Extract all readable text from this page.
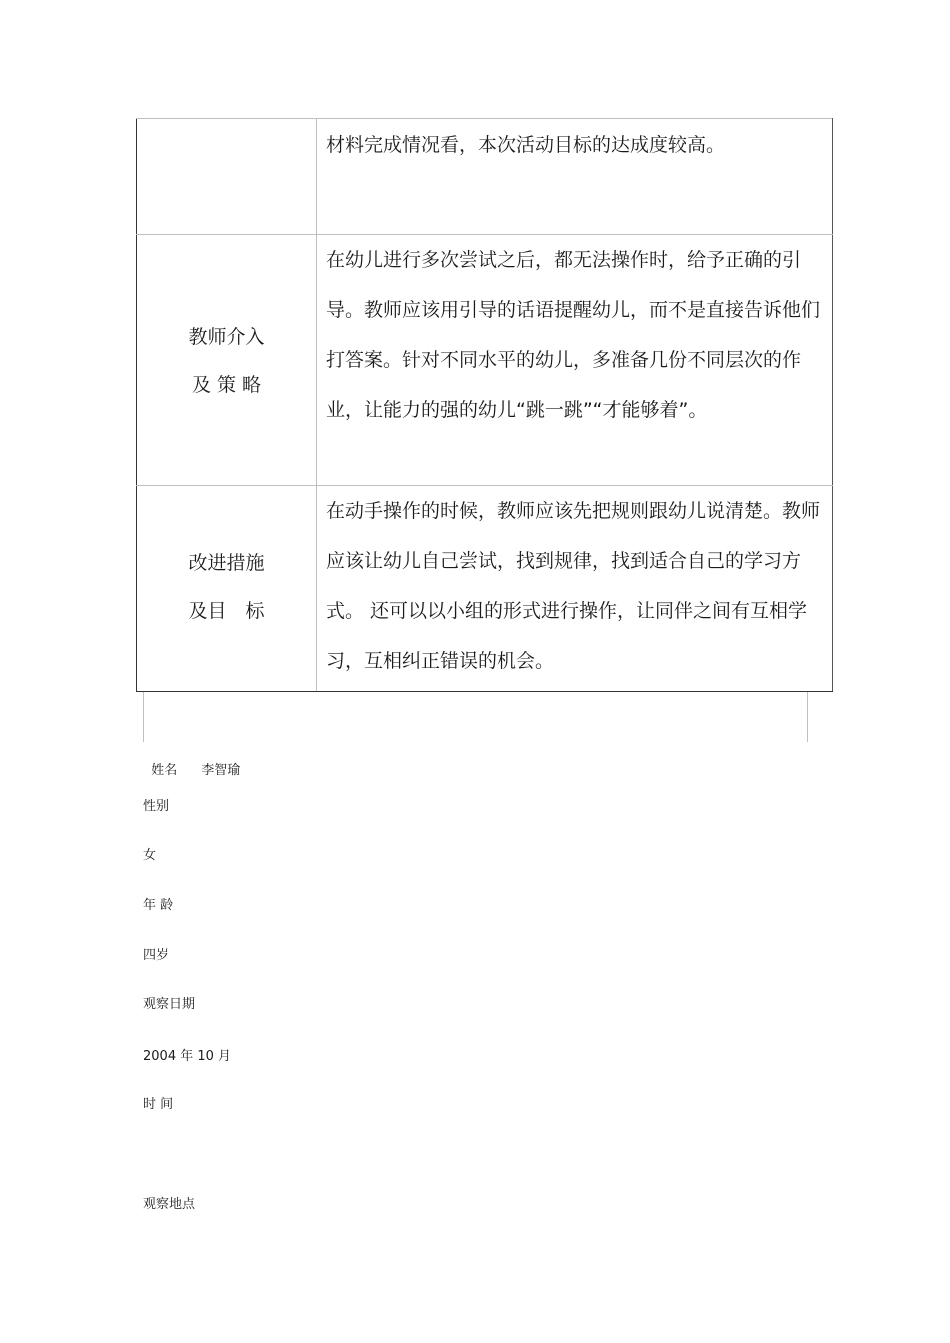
	材料完成情况看，本次活动目标的达成度较高。

教师介入
及 策 略	在幼儿进行多次尝试之后，都无法操作时，给予正确的引导。教师应该用引导的话语提醒幼儿，而不是直接告诉他们打答案。针对不同水平的幼儿，多准备几份不同层次的作业，让能力的强的幼儿“跳一跳”“才能够着”。

改进措施
及目　标	在动手操作的时候，教师应该先把规则跟幼儿说清楚。教师应该让幼儿自己尝试，找到规律，找到适合自己的学习方式。 还可以以小组的形式进行操作，让同伴之间有互相学习，互相纠正错误的机会。

姓名 李智瑜

性别
女
年 龄
四岁
观察日期
2004 年 10 月
时 间
观察地点
